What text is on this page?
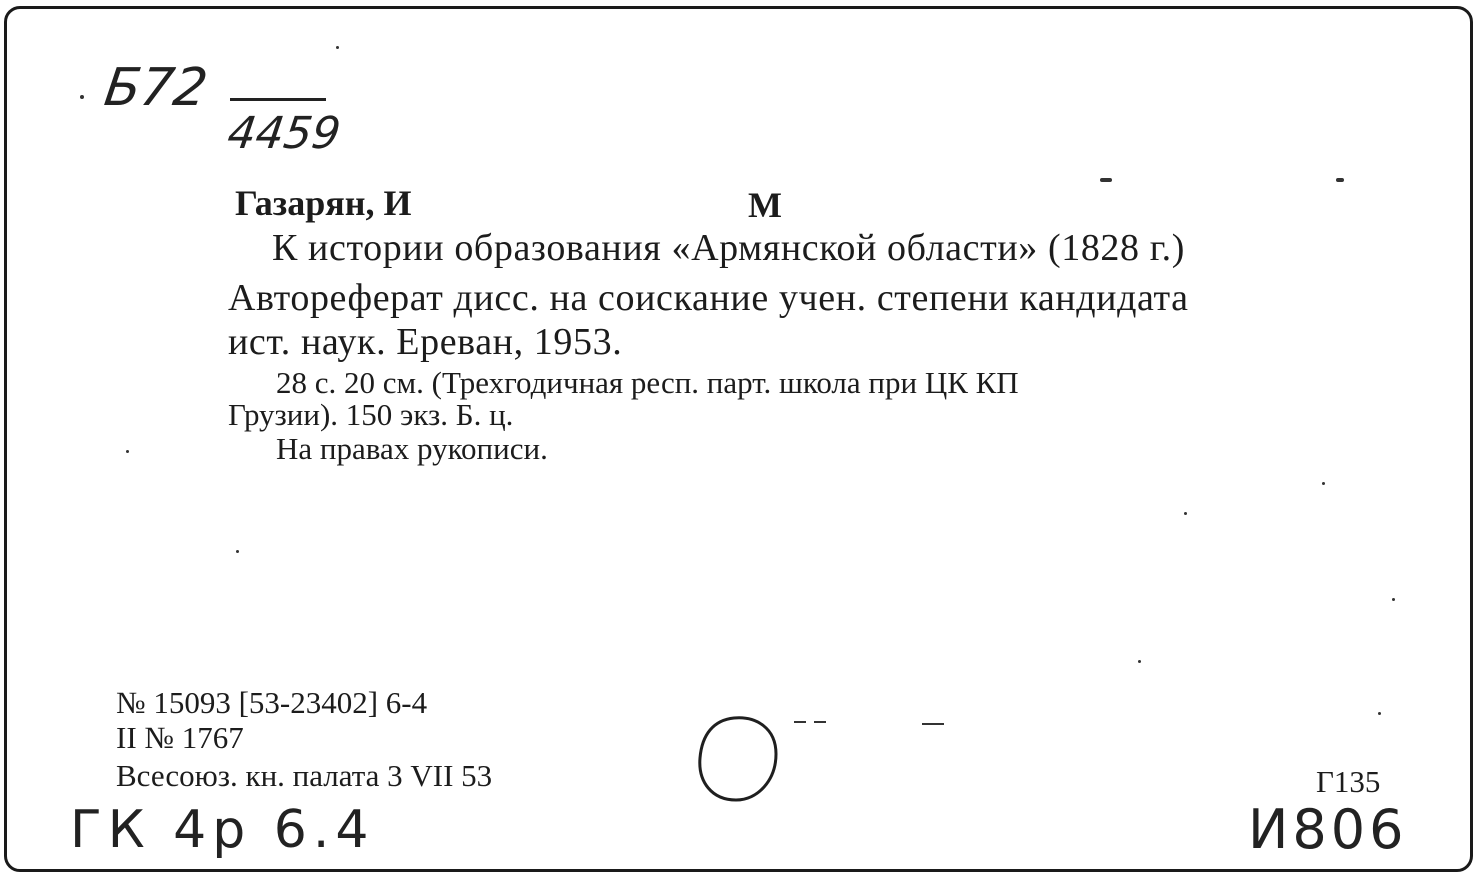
Б72
4459
Газарян, И	М
К истории образования «Армянской области» (1828 г.)
Автореферат дисс. на соискание учен. степени кандидата
ист. наук. Ереван, 1953.
28 с. 20 см. (Трехгодичная респ. парт. школа при ЦК КП
Грузии). 150 экз. Б. ц.
На правах рукописи.
№ 15093 [53-23402] 6-4
II № 1767
Всесоюз. кн. палата 3 VII 53	Г135
ГК 4р 6.4	И806
